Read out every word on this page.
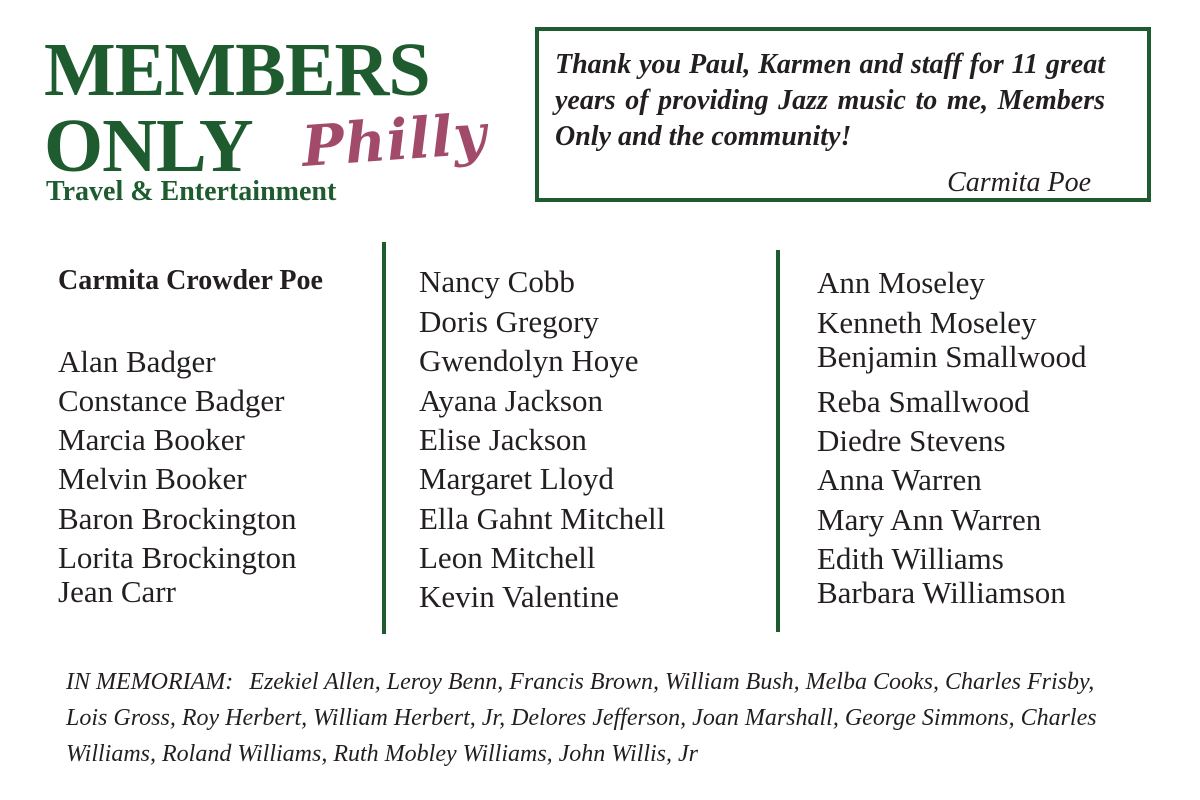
MEMBERS
ONLY Philly
Travel & Entertainment

Thank you Paul, Karmen and staff for 11 great years of providing Jazz music to me, Members Only and the community!

Carmita Poe
Carmita Crowder Poe
Alan Badger
Constance Badger
Marcia Booker
Melvin Booker
Baron Brockington
Lorita Brockington
Jean Carr
Nancy Cobb
Doris Gregory
Gwendolyn Hoye
Ayana Jackson
Elise Jackson
Margaret Lloyd
Ella Gahnt Mitchell
Leon Mitchell
Kevin Valentine
Ann Moseley
Kenneth Moseley
Benjamin Smallwood
Reba Smallwood
Diedre Stevens
Anna Warren
Mary Ann Warren
Edith Williams
Barbara Williamson

IN MEMORIAM: Ezekiel Allen, Leroy Benn, Francis Brown, William Bush, Melba Cooks, Charles Frisby, Lois Gross, Roy Herbert, William Herbert, Jr, Delores Jefferson, Joan Marshall, George Simmons, Charles Williams, Roland Williams, Ruth Mobley Williams, John Willis, Jr
